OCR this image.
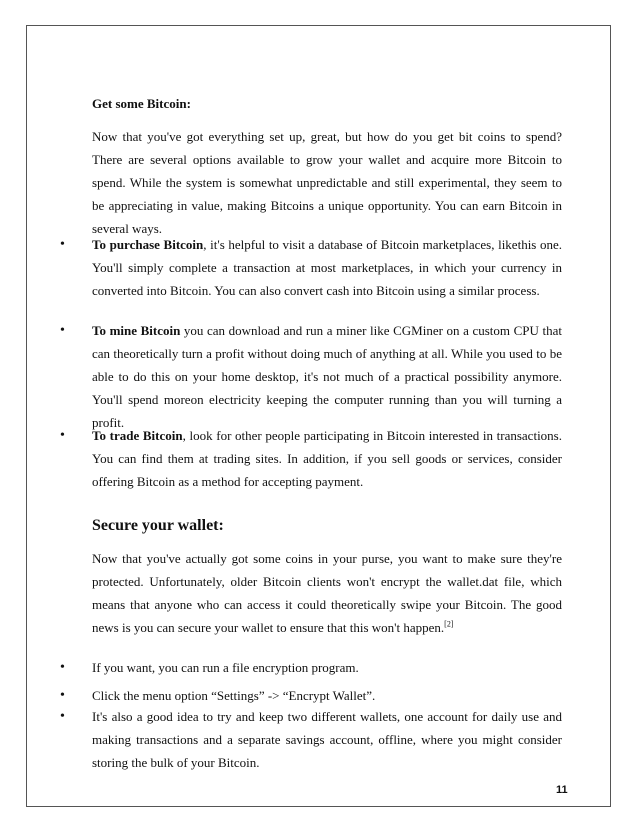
Get some Bitcoin:

Now that you've got everything set up, great, but how do you get bit coins to spend? There are several options available to grow your wallet and acquire more Bitcoin to spend. While the system is somewhat unpredictable and still experimental, they seem to be appreciating in value, making Bitcoins a unique opportunity. You can earn Bitcoin in several ways.

• To purchase Bitcoin, it's helpful to visit a database of Bitcoin marketplaces, likethis one. You'll simply complete a transaction at most marketplaces, in which your currency in converted into Bitcoin. You can also convert cash into Bitcoin using a similar process.

• To mine Bitcoin you can download and run a miner like CGMiner on a custom CPU that can theoretically turn a profit without doing much of anything at all. While you used to be able to do this on your home desktop, it's not much of a practical possibility anymore. You'll spend moreon electricity keeping the computer running than you will turning a profit.

• To trade Bitcoin, look for other people participating in Bitcoin interested in transactions. You can find them at trading sites. In addition, if you sell goods or services, consider offering Bitcoin as a method for accepting payment.

Secure your wallet:

Now that you've actually got some coins in your purse, you want to make sure they're protected. Unfortunately, older Bitcoin clients won't encrypt the wallet.dat file, which means that anyone who can access it could theoretically swipe your Bitcoin. The good news is you can secure your wallet to ensure that this won't happen.[2]

• If you want, you can run a file encryption program.

• Click the menu option “Settings” -> “Encrypt Wallet”.

• It's also a good idea to try and keep two different wallets, one account for daily use and making transactions and a separate savings account, offline, where you might consider storing the bulk of your Bitcoin.

11
